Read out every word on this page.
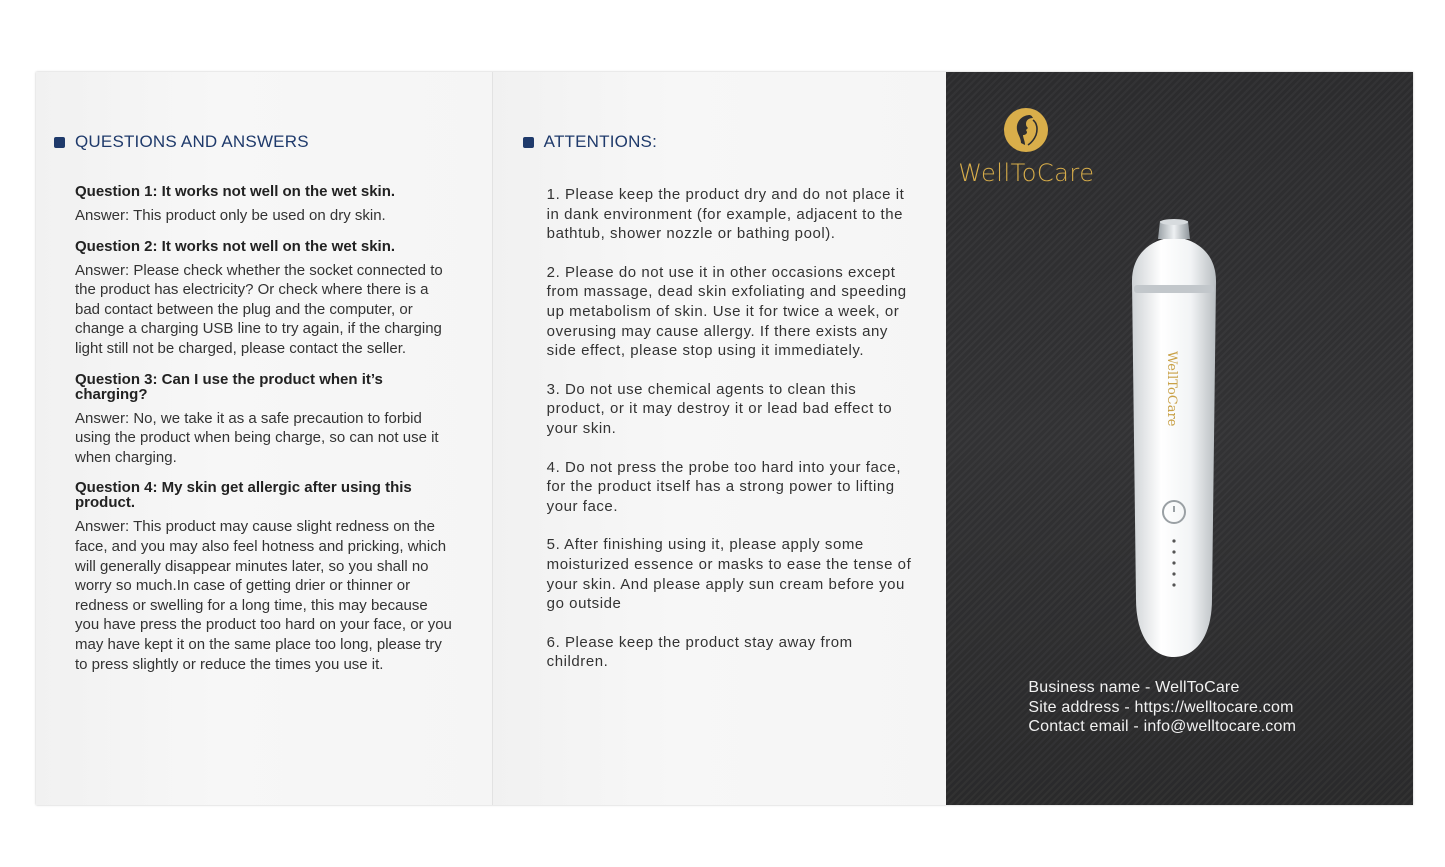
QUESTIONS AND ANSWERS

Question 1: It works not well on the wet skin.

Answer: This product only be used on dry skin.

Question 2: It works not well on the wet skin.

Answer: Please check whether the socket connected to the product has electricity? Or check where there is a bad contact between the plug and the computer, or change a charging USB line to try again, if the charging light still not be charged, please contact the seller.

Question 3: Can I use the product when it’s charging?

Answer: No, we take it as a safe precaution to forbid using the product when being charge, so can not use it when charging.

Question 4: My skin get allergic after using this product.

Answer: This product may cause slight redness on the face, and you may also feel hotness and pricking, which will generally disappear minutes later, so you shall no worry so much.In case of getting drier or thinner or redness or swelling for a long time, this may because you have press the product too hard on your face, or you may have kept it on the same place too long, please try to press slightly or reduce the times you use it.

ATTENTIONS:

1. Please keep the product dry and do not place it in dank environment (for example, adjacent to the bathtub, shower nozzle or bathing pool).

2. Please do not use it in other occasions except from massage, dead skin exfoliating and speeding up metabolism of skin. Use it for twice a week, or overusing may cause allergy. If there exists any side effect, please stop using it immediately.

3. Do not use chemical agents to clean this product, or it may destroy it or lead bad effect to your skin.

4. Do not press the probe too hard into your face, for the product itself has a strong power to lifting your face.

5. After finishing using it, please apply some moisturized essence or masks to ease the tense of your skin. And please apply sun cream before you go outside

6. Please keep the product stay away from children.

WellToCare
WellToCare
Business name - WellToCare
Site address - https://welltocare.com
Contact email - info@welltocare.com
